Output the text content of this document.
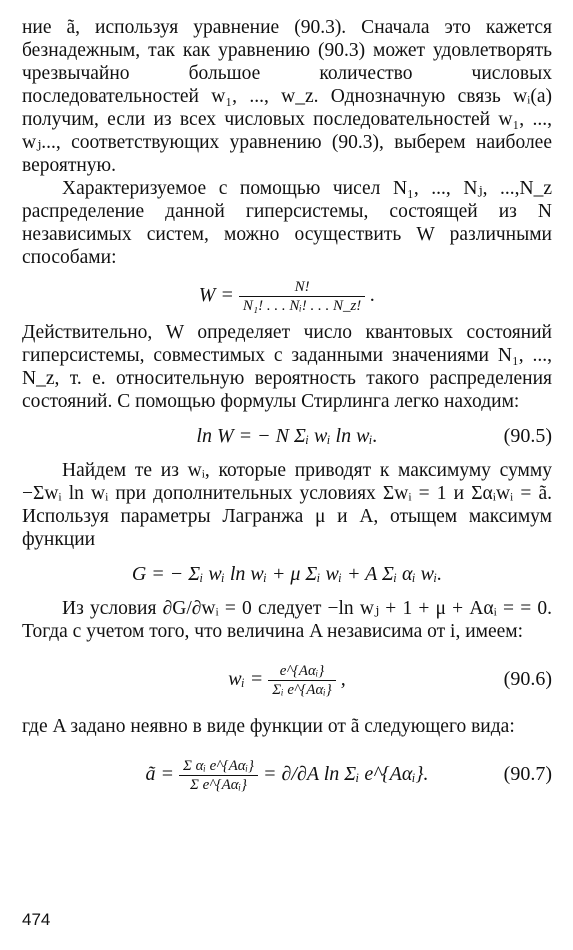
ние ã, используя уравнение (90.3). Сначала это кажется безнадежным, так как уравнению (90.3) может удовлетворять чрезвычайно большое количество числовых последовательностей w₁, ..., w_z. Однозначную связь wᵢ(a) получим, если из всех числовых последовательностей w₁, ..., wⱼ..., соответствующих уравнению (90.3), выберем наиболее вероятную.

Характеризуемое с помощью чисел N₁, ..., Nⱼ, ...,N_z распределение данной гиперсистемы, состоящей из N независимых систем, можно осуществить W различными способами:

$W = \frac{N!}{\text{N₁! . . . Nᵢ! . . . N\_z!}}$ .

Действительно, W определяет число квантовых состояний гиперсистемы, совместимых с заданными значениями N₁, ..., N_z, т. е. относительную вероятность такого распределения состояний. С помощью формулы Стирлинга легко находим:

ln W = − N Σᵢ wᵢ ln wᵢ.	(90.5)

Найдем те из wᵢ, которые приводят к максимуму сумму −Σwᵢ ln wᵢ при дополнительных условиях Σwᵢ = 1 и Σαᵢwᵢ = ã. Используя параметры Лагранжа μ и A, отыщем максимум функции

G = − Σᵢ wᵢ ln wᵢ + μ Σᵢ wᵢ + A Σᵢ αᵢ wᵢ.

Из условия ∂G/∂wᵢ = 0 следует −ln wⱼ + 1 + μ + Aαᵢ = = 0. Тогда с учетом того, что величина A независима от i, имеем:

wᵢ = $\frac{\text{e\textasciicircum{}\{Aαᵢ\}}}{\text{Σᵢ e\textasciicircum{}\{Aαᵢ\}}}$ ,	(90.6)

где A задано неявно в виде функции от ã следующего вида:

ã = $\frac{\text{Σ αᵢ e\textasciicircum{}\{Aαᵢ\}}}{\text{Σ e\textasciicircum{}\{Aαᵢ\}}} = \partial/\partial A$ ln Σᵢ e^{Aαᵢ}.	(90.7)
474
